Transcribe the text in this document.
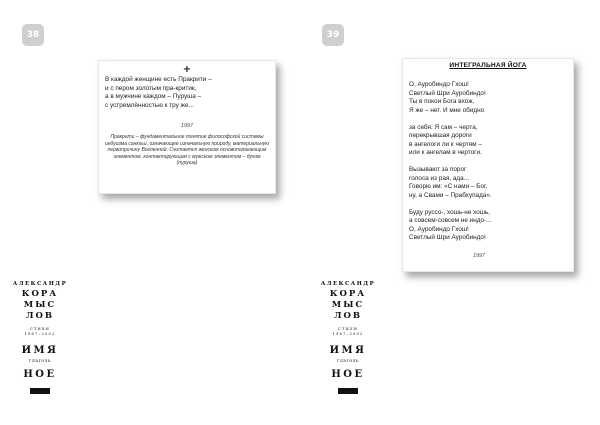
38
+
В каждой женщине есть Пракрити –
и с пером золотым пра-критик,
а в мужчине каждом – Пуруша –
с устремлённостью к тру же...
1997
Пракрити – фундаментальное понятие философской системы индуизма санкхьи, означающее изначальную природу, материальную первопричину Вселенной. Считается женским основополагающим элементом, контактирующим с мужским элементом – духом (пуруша)
АЛЕКСАНДР
КОРА
МЫС
ЛОВ
СТИХИ
1987–2002
ИМЯ
глаголь
НОЕ
39
ИНТЕГРАЛЬНАЯ ЙОГА
О, Ауробиндо Гхош!
Светлый Шри Ауробиндо!
Ты в покои Бога вхож,
Я же – нет. И мне обидно
за себя. Я сам – черта,
перекрывшая дороги
в ангелоги ли к чертям –
или к ангелам в чертоги.
Вызывают за порог
голоса из рая, ада...
Говорю им: «С нами – Бог,
ну, а Свами – Прабхупада».
Буду руссо-, хошь-не хошь,
а совсем-совсем не индо-...
О, Ауробиндо Гхош!
Светлый Шри Ауробиндо!
1997
АЛЕКСАНДР
КОРА
МЫС
ЛОВ
СТИХИ
1987–2002
ИМЯ
глаголь
НОЕ
